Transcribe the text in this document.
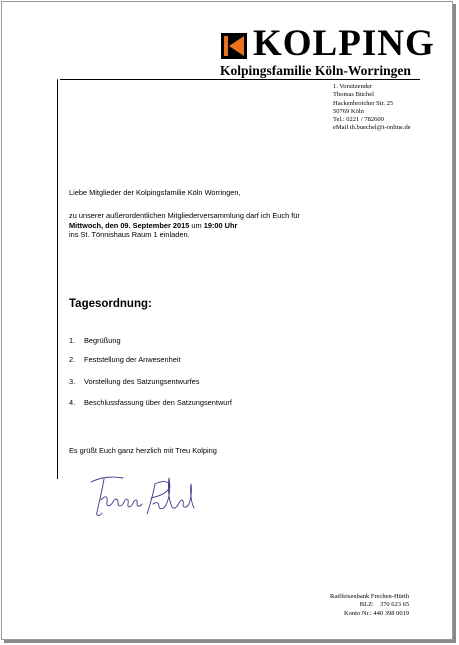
KOLPING
Kolpingsfamilie Köln-Worringen
1. Vorsitzender
Thomas Büchel
Hackenbroicher Str. 25
50769 Köln
Tel.: 0221 / 782600
eMail th.buechel@t-online.de
Liebe Mitglieder der Kolpingsfamilie Köln Worringen,
zu unserer außerordentlichen Mitgliederversammlung darf ich Euch für
Mittwoch, den 09. September 2015 um 19:00 Uhr
ins St. Tönnishaus Raum 1 einladen.
Tagesordnung:
1. Begrüßung
2. Feststellung der Anwesenheit
3. Vorstellung des Satzungsentwurfes
4. Beschlussfassung über den Satzungsentwurf
Es grüßt Euch ganz herzlich mit Treu Kolping
Raiffeisenbank Frechen-Hürth
BLZ: 370 623 65
Konto Nr.: 440 398 0019
